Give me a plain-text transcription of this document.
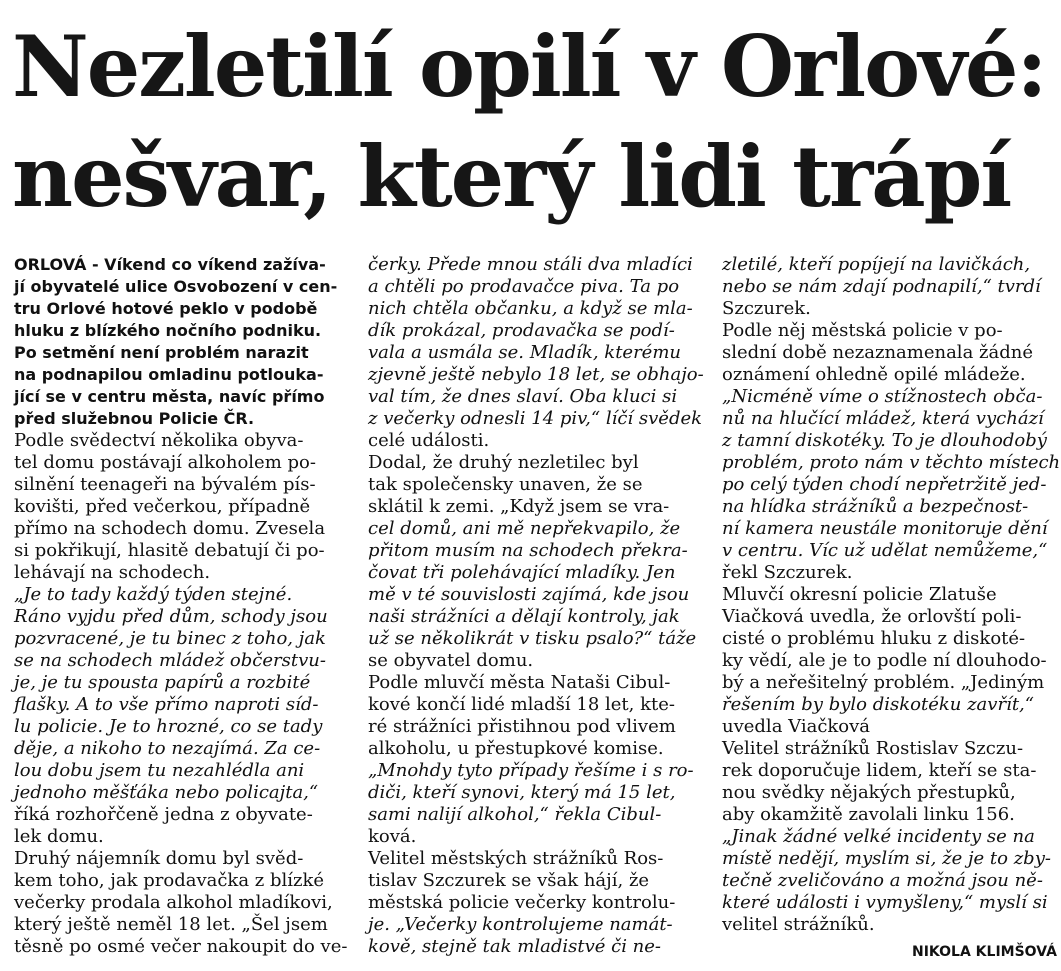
Nezletilí opilí v Orlové:
nešvar, který lidi trápí
ORLOVÁ - Víkend co víkend zažíva-
jí obyvatelé ulice Osvobození v cen-
tru Orlové hotové peklo v podobě
hluku z blízkého nočního podniku.
Po setmění není problém narazit
na podnapilou omladinu potlouka-
jící se v centru města, navíc přímo
před služebnou Policie ČR.
Podle svědectví několika obyva-
tel domu postávají alkoholem po-
silnění teenageři na bývalém pís-
kovišti, před večerkou, případně
přímo na schodech domu. Zvesela
si pokřikují, hlasitě debatují či po-
lehávají na schodech.
„Je to tady každý týden stejné.
Ráno vyjdu před dům, schody jsou
pozvracené, je tu binec z toho, jak
se na schodech mládež občerstvu-
je, je tu spousta papírů a rozbité
flašky. A to vše přímo naproti síd-
lu policie. Je to hrozné, co se tady
děje, a nikoho to nezajímá. Za ce-
lou dobu jsem tu nezahlédla ani
jednoho měšťáka nebo policajta,“
říká rozhořčeně jedna z obyvate-
lek domu.
Druhý nájemník domu byl svěd-
kem toho, jak prodavačka z blízké
večerky prodala alkohol mladíkovi,
který ještě neměl 18 let. „Šel jsem
těsně po osmé večer nakoupit do ve-
čerky. Přede mnou stáli dva mladíci
a chtěli po prodavačce piva. Ta po
nich chtěla občanku, a když se mla-
dík prokázal, prodavačka se podí-
vala a usmála se. Mladík, kterému
zjevně ještě nebylo 18 let, se obhajo-
val tím, že dnes slaví. Oba kluci si
z večerky odnesli 14 piv,“ líčí svědek
celé události.
Dodal, že druhý nezletilec byl
tak společensky unaven, že se
sklátil k zemi. „Když jsem se vra-
cel domů, ani mě nepřekvapilo, že
přitom musím na schodech překra-
čovat tři polehávající mladíky. Jen
mě v té souvislosti zajímá, kde jsou
naši strážníci a dělají kontroly, jak
už se několikrát v tisku psalo?“ táže
se obyvatel domu.
Podle mluvčí města Nataši Cibul-
kové končí lidé mladší 18 let, kte-
ré strážníci přistihnou pod vlivem
alkoholu, u přestupkové komise.
„Mnohdy tyto případy řešíme i s ro-
diči, kteří synovi, který má 15 let,
sami nalijí alkohol,“ řekla Cibul-
ková.
Velitel městských strážníků Ros-
tislav Szczurek se však hájí, že
městská policie večerky kontrolu-
je. „Večerky kontrolujeme namát-
kově, stejně tak mladistvé či ne-
zletilé, kteří popíjejí na lavičkách,
nebo se nám zdají podnapilí,“ tvrdí
Szczurek.
Podle něj městská policie v po-
slední době nezaznamenala žádné
oznámení ohledně opilé mládeže.
„Nicméně víme o stížnostech obča-
nů na hlučící mládež, která vychází
z tamní diskotéky. To je dlouhodobý
problém, proto nám v těchto místech
po celý týden chodí nepřetržitě jed-
na hlídka strážníků a bezpečnost-
ní kamera neustále monitoruje dění
v centru. Víc už udělat nemůžeme,“
řekl Szczurek.
Mluvčí okresní policie Zlatuše
Viačková uvedla, že orlovští poli-
cisté o problému hluku z diskoté-
ky vědí, ale je to podle ní dlouhodo-
bý a neřešitelný problém. „Jediným
řešením by bylo diskotéku zavřít,“
uvedla Viačková
Velitel strážníků Rostislav Szczu-
rek doporučuje lidem, kteří se sta-
nou svědky nějakých přestupků,
aby okamžitě zavolali linku 156.
„Jinak žádné velké incidenty se na
místě nedějí, myslím si, že je to zby-
tečně zveličováno a možná jsou ně-
které události i vymyšleny,“ myslí si
velitel strážníků.
NIKOLA KLIMŠOVÁ
